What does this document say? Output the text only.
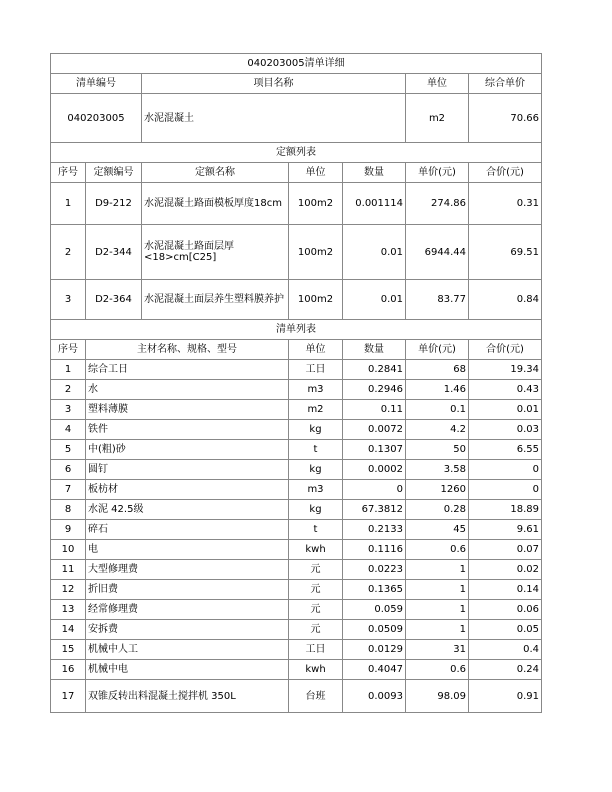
040203005清单详细						
清单编号		项目名称			单位	综合单价
040203005		水泥混凝土			m2	70.66
定额列表						
序号	定额编号	定额名称	单位	数量	单价(元)	合价(元)
1	D9-212	水泥混凝土路面模板厚度18cm	100m2	0.001114	274.86	0.31
2	D2-344	水泥混凝土路面层厚<18>cm[C25]	100m2	0.01	6944.44	69.51
3	D2-364	水泥混凝土面层养生塑料膜养护	100m2	0.01	83.77	0.84
清单列表						
序号	主材名称、规格、型号		单位	数量	单价(元)	合价(元)
1	综合工日		工日	0.2841	68	19.34
2	水		m3	0.2946	1.46	0.43
3	塑料薄膜		m2	0.11	0.1	0.01
4	铁件		kg	0.0072	4.2	0.03
5	中(粗)砂		t	0.1307	50	6.55
6	圆钉		kg	0.0002	3.58	0
7	板枋材		m3	0	1260	0
8	水泥 42.5级		kg	67.3812	0.28	18.89
9	碎石		t	0.2133	45	9.61
10	电		kwh	0.1116	0.6	0.07
11	大型修理费		元	0.0223	1	0.02
12	折旧费		元	0.1365	1	0.14
13	经常修理费		元	0.059	1	0.06
14	安拆费		元	0.0509	1	0.05
15	机械中人工		工日	0.0129	31	0.4
16	机械中电		kwh	0.4047	0.6	0.24
17	双锥反转出料混凝土搅拌机 350L		台班	0.0093	98.09	0.91
